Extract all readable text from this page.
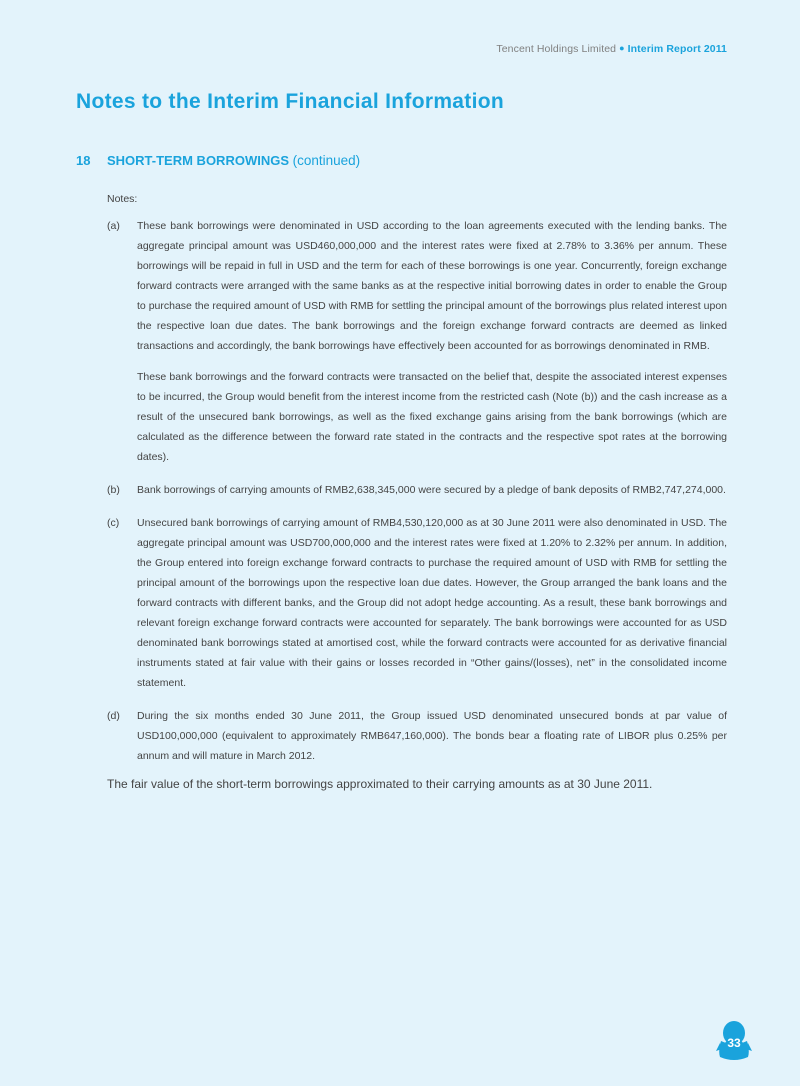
Tencent Holdings Limited ● Interim Report 2011
Notes to the Interim Financial Information
18 SHORT-TERM BORROWINGS (continued)
Notes:
(a)	These bank borrowings were denominated in USD according to the loan agreements executed with the lending banks. The aggregate principal amount was USD460,000,000 and the interest rates were fixed at 2.78% to 3.36% per annum. These borrowings will be repaid in full in USD and the term for each of these borrowings is one year. Concurrently, foreign exchange forward contracts were arranged with the same banks as at the respective initial borrowing dates in order to enable the Group to purchase the required amount of USD with RMB for settling the principal amount of the borrowings plus related interest upon the respective loan due dates. The bank borrowings and the foreign exchange forward contracts are deemed as linked transactions and accordingly, the bank borrowings have effectively been accounted for as borrowings denominated in RMB.

These bank borrowings and the forward contracts were transacted on the belief that, despite the associated interest expenses to be incurred, the Group would benefit from the interest income from the restricted cash (Note (b)) and the cash increase as a result of the unsecured bank borrowings, as well as the fixed exchange gains arising from the bank borrowings (which are calculated as the difference between the forward rate stated in the contracts and the respective spot rates at the borrowing dates).

(b)	Bank borrowings of carrying amounts of RMB2,638,345,000 were secured by a pledge of bank deposits of RMB2,747,274,000.

(c)	Unsecured bank borrowings of carrying amount of RMB4,530,120,000 as at 30 June 2011 were also denominated in USD. The aggregate principal amount was USD700,000,000 and the interest rates were fixed at 1.20% to 2.32% per annum. In addition, the Group entered into foreign exchange forward contracts to purchase the required amount of USD with RMB for settling the principal amount of the borrowings upon the respective loan due dates. However, the Group arranged the bank loans and the forward contracts with different banks, and the Group did not adopt hedge accounting. As a result, these bank borrowings and relevant foreign exchange forward contracts were accounted for separately. The bank borrowings were accounted for as USD denominated bank borrowings stated at amortised cost, while the forward contracts were accounted for as derivative financial instruments stated at fair value with their gains or losses recorded in “Other gains/(losses), net” in the consolidated income statement.

(d)	During the six months ended 30 June 2011, the Group issued USD denominated unsecured bonds at par value of USD100,000,000 (equivalent to approximately RMB647,160,000). The bonds bear a floating rate of LIBOR plus 0.25% per annum and will mature in March 2012.

The fair value of the short-term borrowings approximated to their carrying amounts as at 30 June 2011.

33
